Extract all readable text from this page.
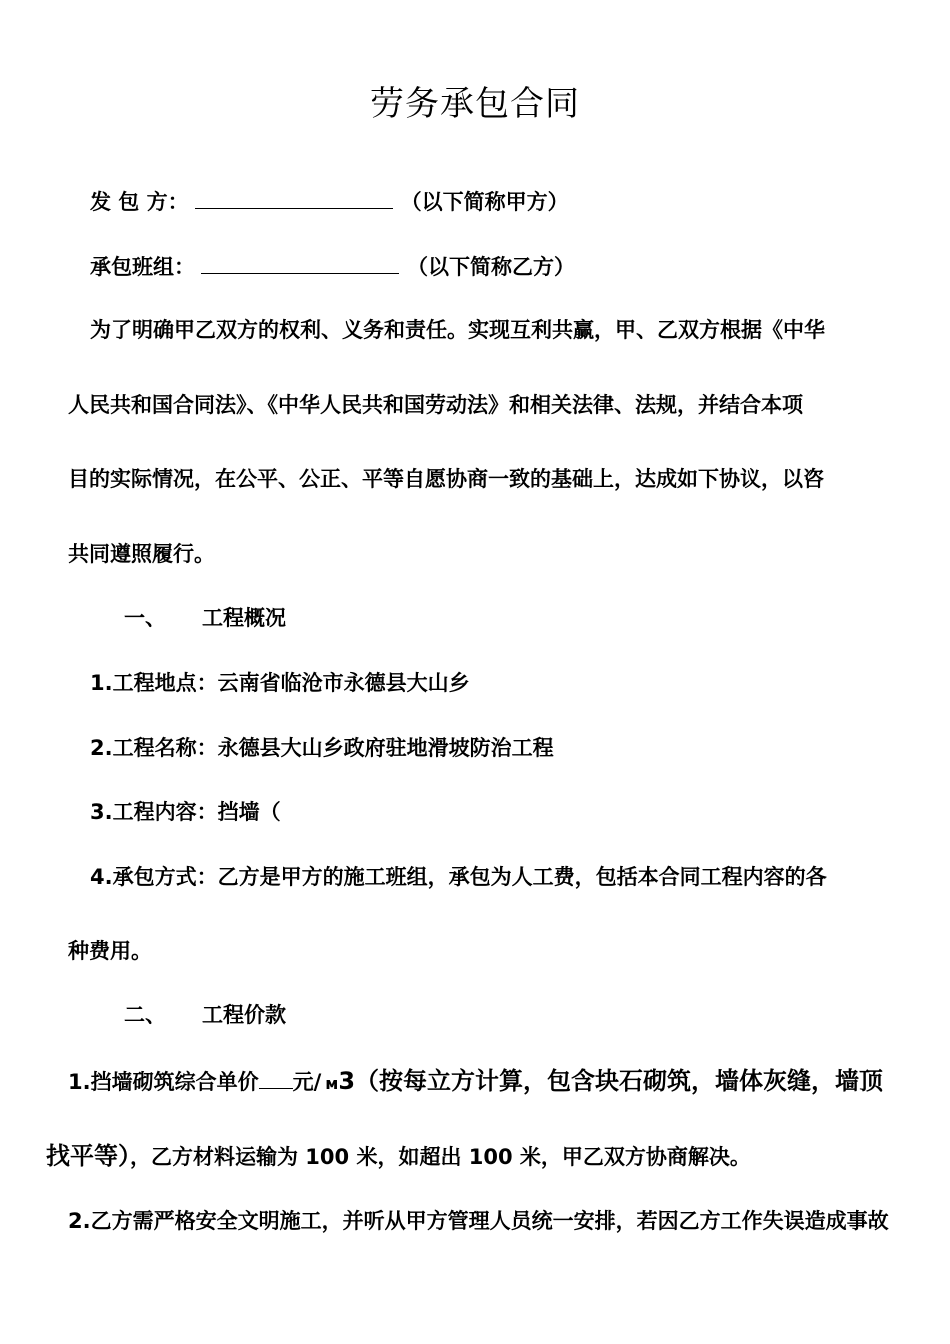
劳务承包合同
发 包 方：	（以下简称甲方）
承包班组：	（以下简称乙方）
为了明确甲乙双方的权利、义务和责任。实现互利共赢，甲、乙双方根据《中华
人民共和国合同法》、《中华人民共和国劳动法》和相关法律、法规，并结合本项
目的实际情况，在公平、公正、平等自愿协商一致的基础上，达成如下协议，以咨
共同遵照履行。
一、 工程概况
1.工程地点：云南省临沧市永德县大山乡
2.工程名称：永德县大山乡政府驻地滑坡防治工程
3.工程内容：挡墙（
4.承包方式：乙方是甲方的施工班组，承包为人工费，包括本合同工程内容的各
种费用。
二、 工程价款
1.挡墙砌筑综合单价 元/ м3（按每立方计算，包含块石砌筑，墙体灰缝，墙顶
找平等），乙方材料运输为 100 米，如超出 100 米，甲乙双方协商解决。
2.乙方需严格安全文明施工，并听从甲方管理人员统一安排，若因乙方工作失误造成事故
